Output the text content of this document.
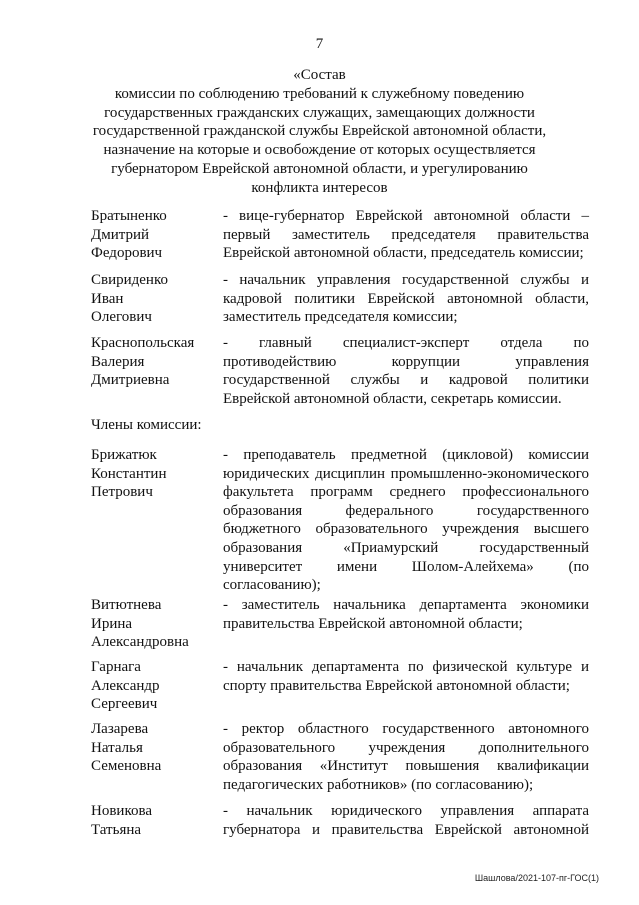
7
«Состав
комиссии по соблюдению требований к служебному поведению
государственных гражданских служащих, замещающих должности
государственной гражданской службы Еврейской автономной области,
назначение на которые и освобождение от которых осуществляется
губернатором Еврейской автономной области, и урегулированию
конфликта интересов
Братыненко
Дмитрий
Федорович
- вице-губернатор Еврейской автономной области – первый заместитель председателя правительства Еврейской автономной области, председатель комиссии;
Свириденко
Иван
Олегович
- начальник управления государственной службы и кадровой политики Еврейской автономной области, заместитель председателя комиссии;
Краснопольская
Валерия
Дмитриевна
- главный специалист-эксперт отдела по противодействию коррупции управления государственной службы и кадровой политики Еврейской автономной области, секретарь комиссии.
Члены комиссии:
Брижатюк
Константин
Петрович
- преподаватель предметной (цикловой) комиссии юридических дисциплин промышленно-экономического факультета программ среднего профессионального образования федерального государственного бюджетного образовательного учреждения высшего образования «Приамурский государственный университет имени Шолом-Алейхема» (по согласованию);
Витютнева
Ирина
Александровна
- заместитель начальника департамента экономики правительства Еврейской автономной области;
Гарнага
Александр
Сергеевич
- начальник департамента по физической культуре и спорту правительства Еврейской автономной области;
Лазарева
Наталья
Семеновна
- ректор областного государственного автономного образовательного учреждения дополнительного образования «Институт повышения квалификации педагогических работников» (по согласованию);
Новикова
Татьяна
- начальник юридического управления аппарата губернатора и правительства Еврейской автономной
Шашлова/2021-107-пг-ГОС(1)
